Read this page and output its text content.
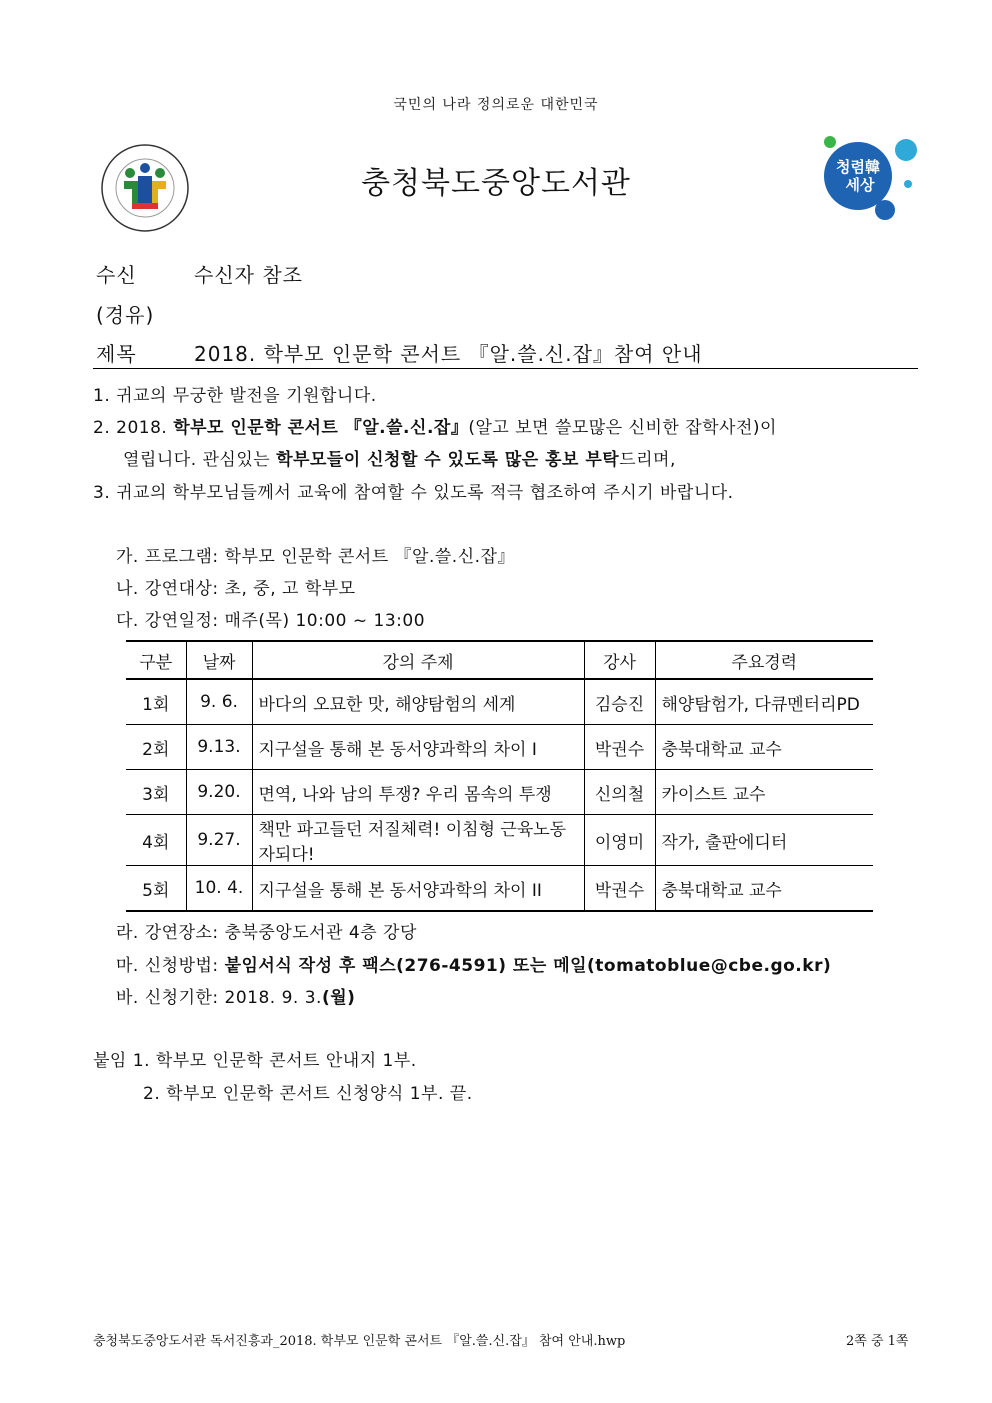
국민의 나라 정의로운 대한민국
충청북도중앙도서관	청렴韓
세상
수신	수신자 참조
(경유)
제목	2018. 학부모 인문학 콘서트 『알.쓸.신.잡』참여 안내
1. 귀교의 무궁한 발전을 기원합니다.
2. 2018. 학부모 인문학 콘서트 『알.쓸.신.잡』(알고 보면 쓸모많은 신비한 잡학사전)이
열립니다. 관심있는 학부모들이 신청할 수 있도록 많은 홍보 부탁드리며,
3. 귀교의 학부모님들께서 교육에 참여할 수 있도록 적극 협조하여 주시기 바랍니다.
가. 프로그램: 학부모 인문학 콘서트 『알.쓸.신.잡』
나. 강연대상: 초, 중, 고 학부모
다. 강연일정: 매주(목) 10:00 ~ 13:00
구분	날짜	강의 주제	강사	주요경력
1회	9. 6.	바다의 오묘한 맛, 해양탐험의 세계	김승진	해양탐험가, 다큐멘터리PD
2회	9.13.	지구설을 통해 본 동서양과학의 차이 I	박권수	충북대학교 교수
3회	9.20.	면역, 나와 남의 투쟁? 우리 몸속의 투쟁	신의철	카이스트 교수
4회	9.27.	책만 파고들던 저질체력! 이침형 근육노동자되다!	이영미	작가, 출판에디터
5회	10. 4.	지구설을 통해 본 동서양과학의 차이 II	박권수	충북대학교 교수
라. 강연장소: 충북중앙도서관 4층 강당
마. 신청방법: 붙임서식 작성 후 팩스(276-4591) 또는 메일(tomatoblue@cbe.go.kr)
바. 신청기한: 2018. 9. 3.(월)
붙임 1. 학부모 인문학 콘서트 안내지 1부.
2. 학부모 인문학 콘서트 신청양식 1부. 끝.
충청북도중앙도서관 독서진흥과_2018. 학부모 인문학 콘서트 『알.쓸.신.잡』 참여 안내.hwp	2쪽 중 1쪽
